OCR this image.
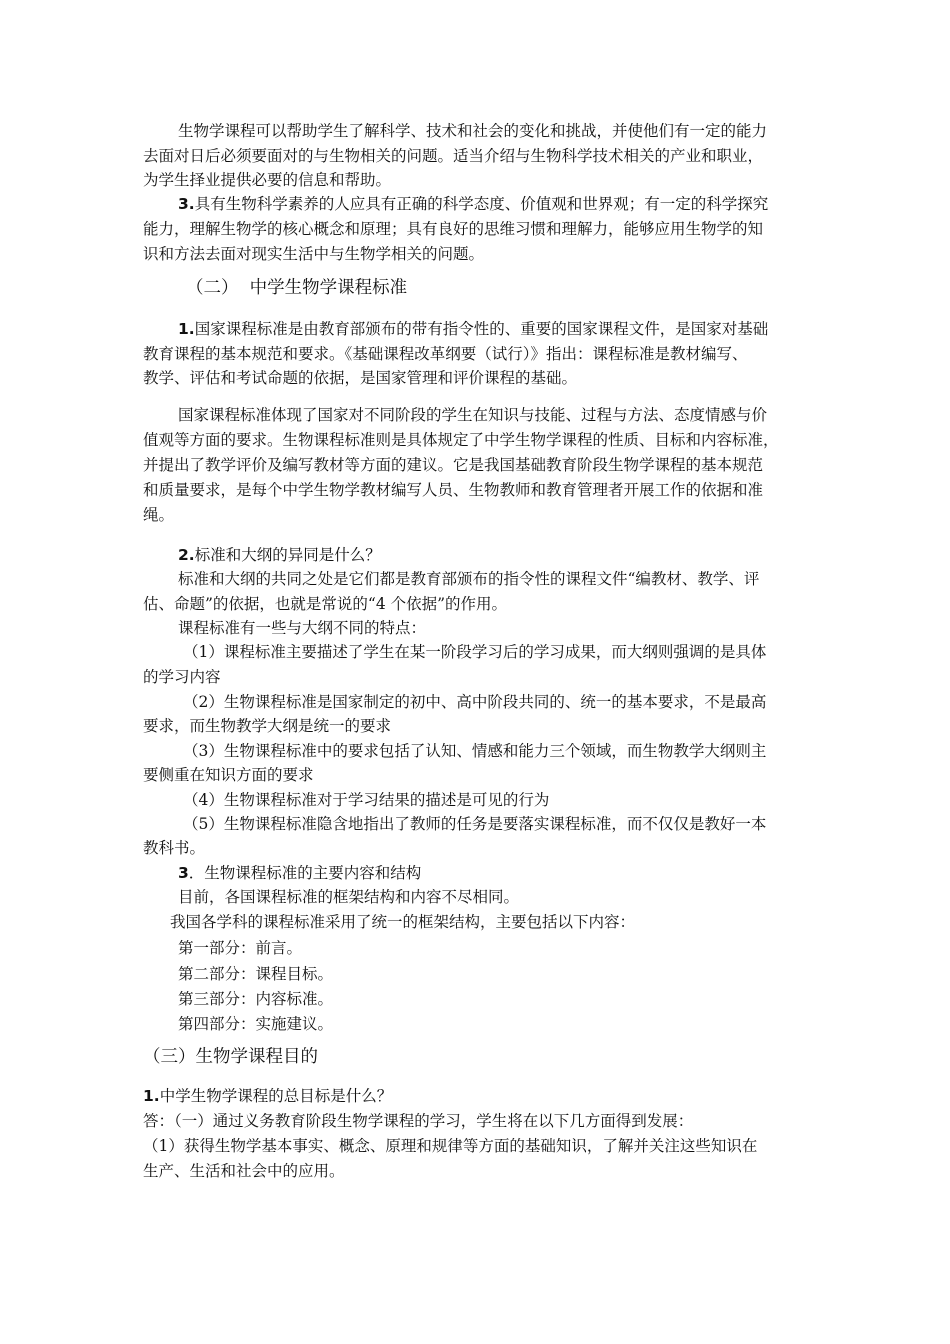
生物学课程可以帮助学生了解科学、技术和社会的变化和挑战，并使他们有一定的能力
去面对日后必须要面对的与生物相关的问题。适当介绍与生物科学技术相关的产业和职业，
为学生择业提供必要的信息和帮助。
3.具有生物科学素养的人应具有正确的科学态度、价值观和世界观；有一定的科学探究
能力，理解生物学的核心概念和原理；具有良好的思维习惯和理解力，能够应用生物学的知
识和方法去面对现实生活中与生物学相关的问题。
（二）  中学生物学课程标准
1.国家课程标准是由教育部颁布的带有指令性的、重要的国家课程文件，是国家对基础
教育课程的基本规范和要求。《基础课程改革纲要（试行）》指出：课程标准是教材编写、
教学、评估和考试命题的依据，是国家管理和评价课程的基础。
国家课程标准体现了国家对不同阶段的学生在知识与技能、过程与方法、态度情感与价
值观等方面的要求。生物课程标准则是具体规定了中学生物学课程的性质、目标和内容标准，
并提出了教学评价及编写教材等方面的建议。它是我国基础教育阶段生物学课程的基本规范
和质量要求，是每个中学生物学教材编写人员、生物教师和教育管理者开展工作的依据和准
绳。
2.标准和大纲的异同是什么？
标准和大纲的共同之处是它们都是教育部颁布的指令性的课程文件“编教材、教学、评
估、命题”的依据，也就是常说的“4 个依据”的作用。
课程标准有一些与大纲不同的特点：
（1）课程标准主要描述了学生在某一阶段学习后的学习成果，而大纲则强调的是具体
的学习内容
（2）生物课程标准是国家制定的初中、高中阶段共同的、统一的基本要求，不是最高
要求，而生物教学大纲是统一的要求
（3）生物课程标准中的要求包括了认知、情感和能力三个领域，而生物教学大纲则主
要侧重在知识方面的要求
（4）生物课程标准对于学习结果的描述是可见的行为
（5）生物课程标准隐含地指出了教师的任务是要落实课程标准，而不仅仅是教好一本
教科书。
3．生物课程标准的主要内容和结构
目前，各国课程标准的框架结构和内容不尽相同。
我国各学科的课程标准采用了统一的框架结构，主要包括以下内容：
第一部分：前言。
第二部分：课程目标。
第三部分：内容标准。
第四部分：实施建议。
（三）生物学课程目的
1.中学生物学课程的总目标是什么？
答：（一）通过义务教育阶段生物学课程的学习，学生将在以下几方面得到发展：
（1）获得生物学基本事实、概念、原理和规律等方面的基础知识，了解并关注这些知识在
生产、生活和社会中的应用。
